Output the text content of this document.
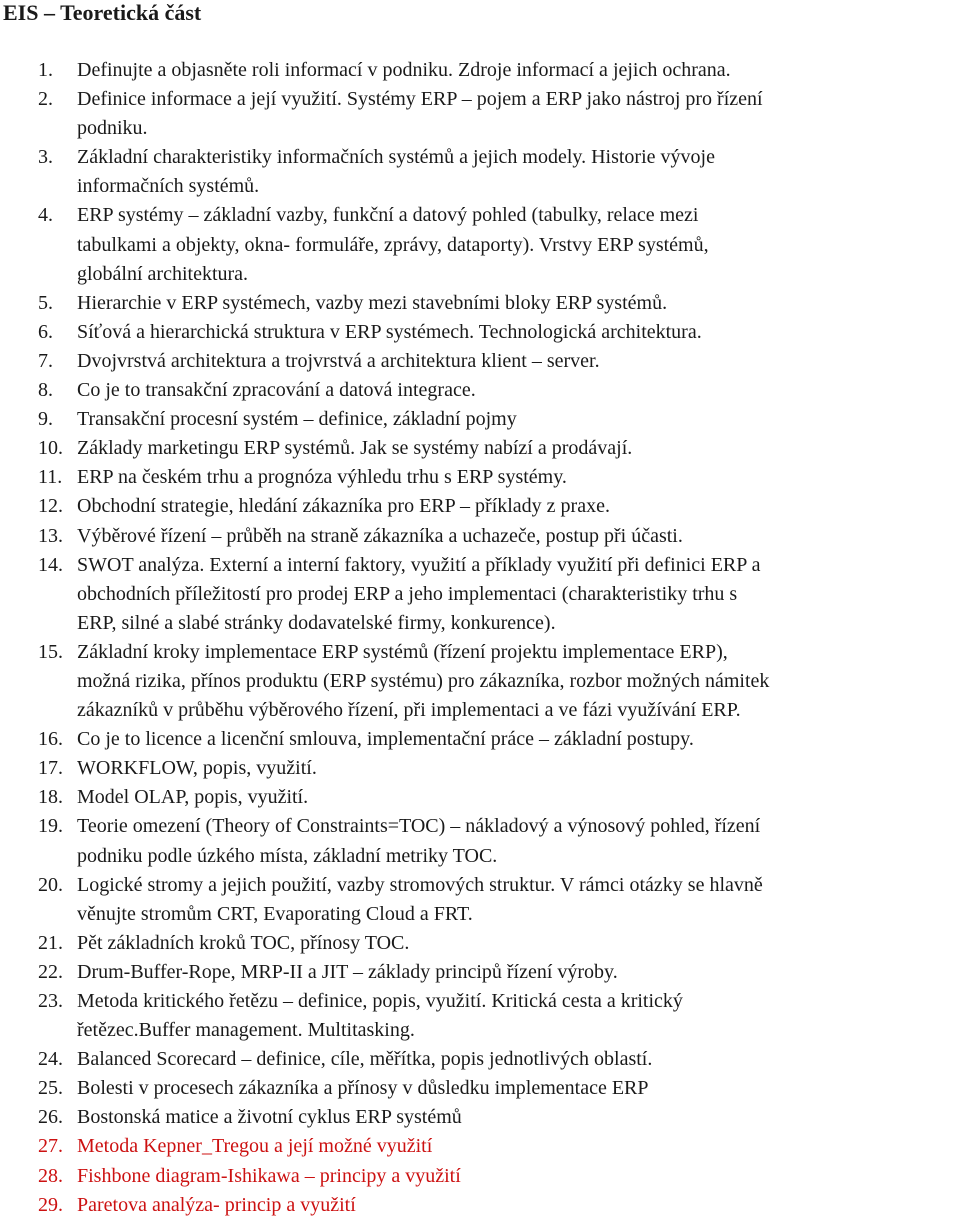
EIS – Teoretická část
1. Definujte a objasněte roli informací v podniku. Zdroje informací a jejich ochrana.
2. Definice informace a její využití. Systémy ERP – pojem a ERP jako nástroj pro řízení
podniku.
3. Základní charakteristiky informačních systémů a jejich modely. Historie vývoje
informačních systémů.
4. ERP systémy – základní vazby, funkční a datový pohled (tabulky, relace mezi
tabulkami a objekty, okna- formuláře, zprávy, dataporty). Vrstvy ERP systémů,
globální architektura.
5. Hierarchie v ERP systémech, vazby mezi stavebními bloky ERP systémů.
6. Síťová a hierarchická struktura v ERP systémech. Technologická architektura.
7. Dvojvrstvá architektura a trojvrstvá a architektura klient – server.
8. Co je to transakční zpracování a datová integrace.
9. Transakční procesní systém – definice, základní pojmy
10. Základy marketingu ERP systémů. Jak se systémy nabízí a prodávají.
11. ERP na českém trhu a prognóza výhledu trhu s ERP systémy.
12. Obchodní strategie, hledání zákazníka pro ERP – příklady z praxe.
13. Výběrové řízení – průběh na straně zákazníka a uchazeče, postup při účasti.
14. SWOT analýza. Externí a interní faktory, využití a příklady využití při definici ERP a
obchodních příležitostí pro prodej ERP a jeho implementaci (charakteristiky trhu s
ERP, silné a slabé stránky dodavatelské firmy, konkurence).
15. Základní kroky implementace ERP systémů (řízení projektu implementace ERP),
možná rizika, přínos produktu (ERP systému) pro zákazníka, rozbor možných námitek
zákazníků v průběhu výběrového řízení, při implementaci a ve fázi využívání ERP.
16. Co je to licence a licenční smlouva, implementační práce – základní postupy.
17. WORKFLOW, popis, využití.
18. Model OLAP, popis, využití.
19. Teorie omezení (Theory of Constraints=TOC) – nákladový a výnosový pohled, řízení
podniku podle úzkého místa, základní metriky TOC.
20. Logické stromy a jejich použití, vazby stromových struktur. V rámci otázky se hlavně
věnujte stromům CRT, Evaporating Cloud a FRT.
21. Pět základních kroků TOC, přínosy TOC.
22. Drum-Buffer-Rope, MRP-II a JIT – základy principů řízení výroby.
23. Metoda kritického řetězu – definice, popis, využití. Kritická cesta a kritický
řetězec.Buffer management. Multitasking.
24. Balanced Scorecard – definice, cíle, měřítka, popis jednotlivých oblastí.
25. Bolesti v procesech zákazníka a přínosy v důsledku implementace ERP
26. Bostonská matice a životní cyklus ERP systémů
27. Metoda Kepner_Tregou a její možné využití
28. Fishbone diagram-Ishikawa – principy a využití
29. Paretova analýza- princip a využití
